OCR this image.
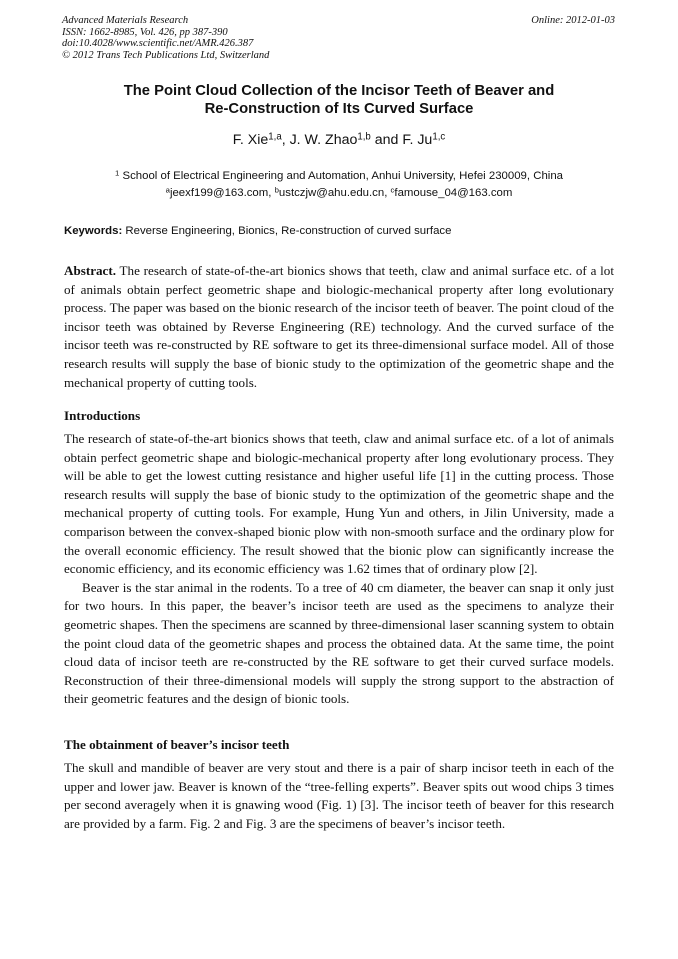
Advanced Materials Research
ISSN: 1662-8985, Vol. 426, pp 387-390
doi:10.4028/www.scientific.net/AMR.426.387
© 2012 Trans Tech Publications Ltd, Switzerland
Online: 2012-01-03
The Point Cloud Collection of the Incisor Teeth of Beaver and
Re-Construction of Its Curved Surface
F. Xie$^{1,a}$, J. W. Zhao$^{1,b}$ and F. Ju$^{1,c}$
$^1$ School of Electrical Engineering and Automation, Anhui University, Hefei 230009, China
$^a$jeexf199@163.com, $^b$ustczjw@ahu.edu.cn, $^c$famouse_04@163.com
Keywords: Reverse Engineering, Bionics, Re-construction of curved surface

Abstract. The research of state-of-the-art bionics shows that teeth, claw and animal surface etc. of a lot of animals obtain perfect geometric shape and biologic-mechanical property after long evolutionary process. The paper was based on the bionic research of the incisor teeth of beaver. The point cloud of the incisor teeth was obtained by Reverse Engineering (RE) technology. And the curved surface of the incisor teeth was re-constructed by RE software to get its three-dimensional surface model. All of those research results will supply the base of bionic study to the optimization of the geometric shape and the mechanical property of cutting tools.

Introductions

The research of state-of-the-art bionics shows that teeth, claw and animal surface etc. of a lot of animals obtain perfect geometric shape and biologic-mechanical property after long evolutionary process. They will be able to get the lowest cutting resistance and higher useful life [1] in the cutting process. Those research results will supply the base of bionic study to the optimization of the geometric shape and the mechanical property of cutting tools. For example, Hung Yun and others, in Jilin University, made a comparison between the convex-shaped bionic plow with non-smooth surface and the ordinary plow for the overall economic efficiency. The result showed that the bionic plow can significantly increase the economic efficiency, and its economic efficiency was 1.62 times that of ordinary plow [2].

Beaver is the star animal in the rodents. To a tree of 40 cm diameter, the beaver can snap it only just for two hours. In this paper, the beaver’s incisor teeth are used as the specimens to analyze their geometric shapes. Then the specimens are scanned by three-dimensional laser scanning system to obtain the point cloud data of the geometric shapes and process the obtained data. At the same time, the point cloud data of incisor teeth are re-constructed by the RE software to get their curved surface models. Reconstruction of their three-dimensional models will supply the strong support to the abstraction of their geometric features and the design of bionic tools.

The obtainment of beaver’s incisor teeth

The skull and mandible of beaver are very stout and there is a pair of sharp incisor teeth in each of the upper and lower jaw. Beaver is known of the “tree-felling experts”. Beaver spits out wood chips 3 times per second averagely when it is gnawing wood (Fig. 1) [3]. The incisor teeth of beaver for this research are provided by a farm. Fig. 2 and Fig. 3 are the specimens of beaver’s incisor teeth.
